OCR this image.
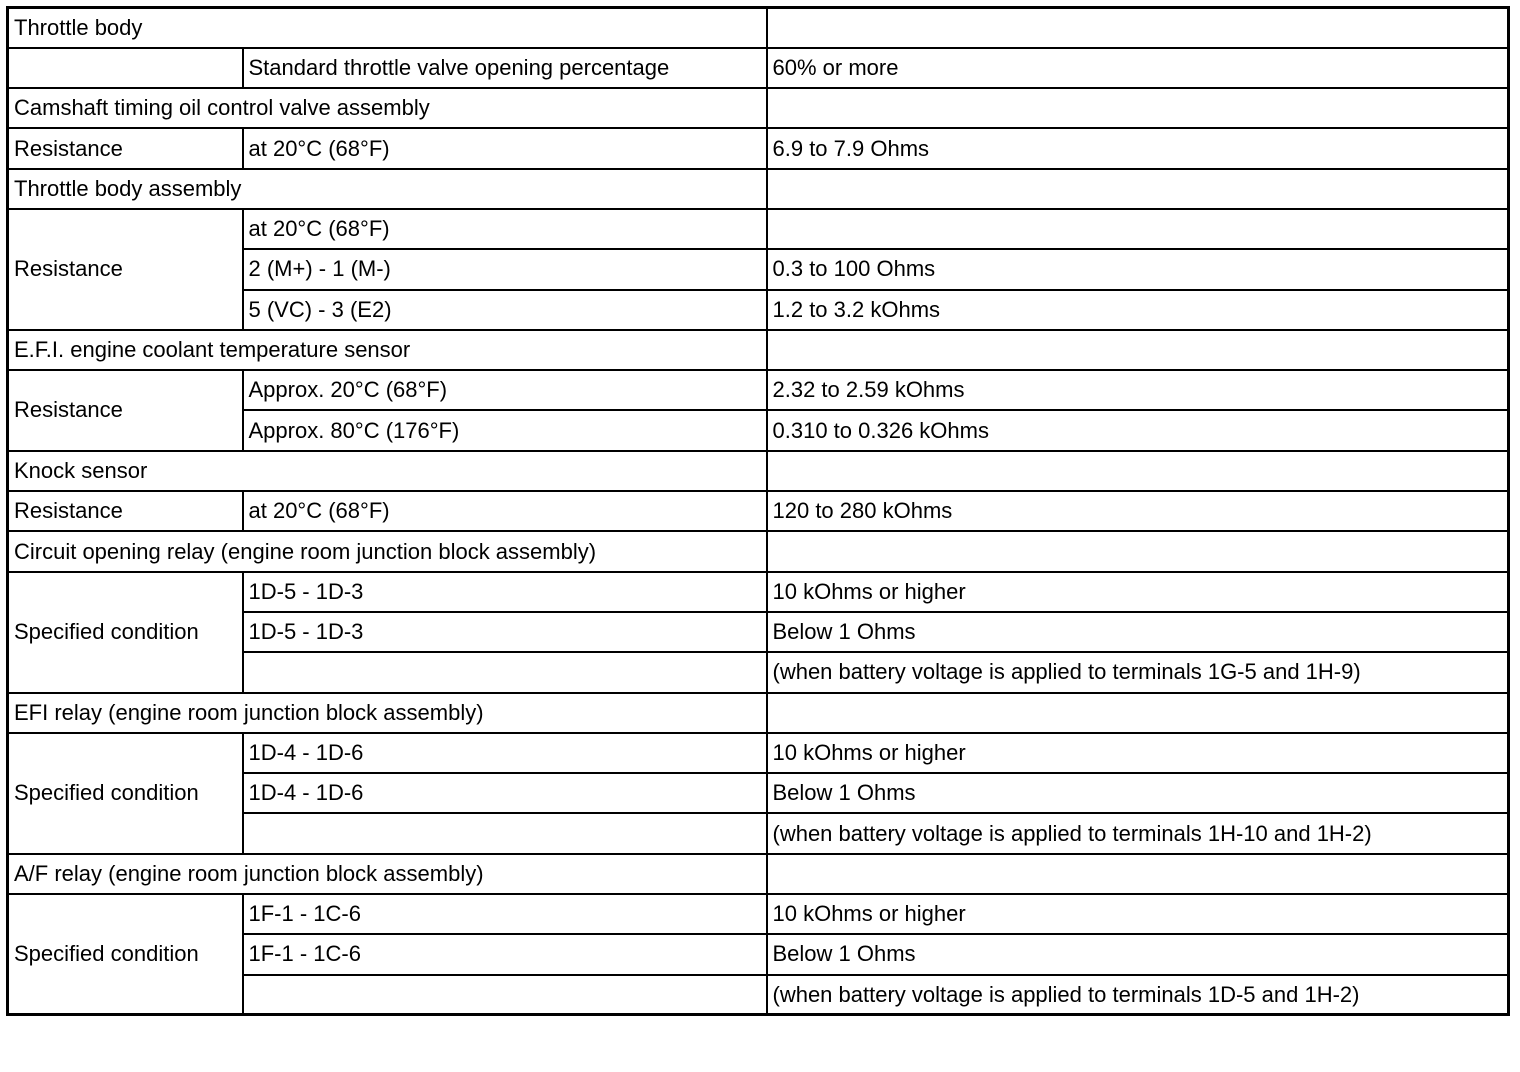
Throttle body		
	Standard throttle valve opening percentage	60% or more
Camshaft timing oil control valve assembly		
Resistance	at 20°C (68°F)	6.9 to 7.9 Ohms
Throttle body assembly		
Resistance	at 20°C (68°F)	
	2 (M+) - 1 (M-)	0.3 to 100 Ohms
	5 (VC) - 3 (E2)	1.2 to 3.2 kOhms
E.F.I. engine coolant temperature sensor		
Resistance	Approx. 20°C (68°F)	2.32 to 2.59 kOhms
	Approx. 80°C (176°F)	0.310 to 0.326 kOhms
Knock sensor		
Resistance	at 20°C (68°F)	120 to 280 kOhms
Circuit opening relay (engine room junction block assembly)		
Specified condition	1D-5 - 1D-3	10 kOhms or higher
	1D-5 - 1D-3	Below 1 Ohms
		(when battery voltage is applied to terminals 1G-5 and 1H-9)
EFI relay (engine room junction block assembly)		
Specified condition	1D-4 - 1D-6	10 kOhms or higher
	1D-4 - 1D-6	Below 1 Ohms
		(when battery voltage is applied to terminals 1H-10 and 1H-2)
A/F relay (engine room junction block assembly)		
Specified condition	1F-1 - 1C-6	10 kOhms or higher
	1F-1 - 1C-6	Below 1 Ohms
		(when battery voltage is applied to terminals 1D-5 and 1H-2)
